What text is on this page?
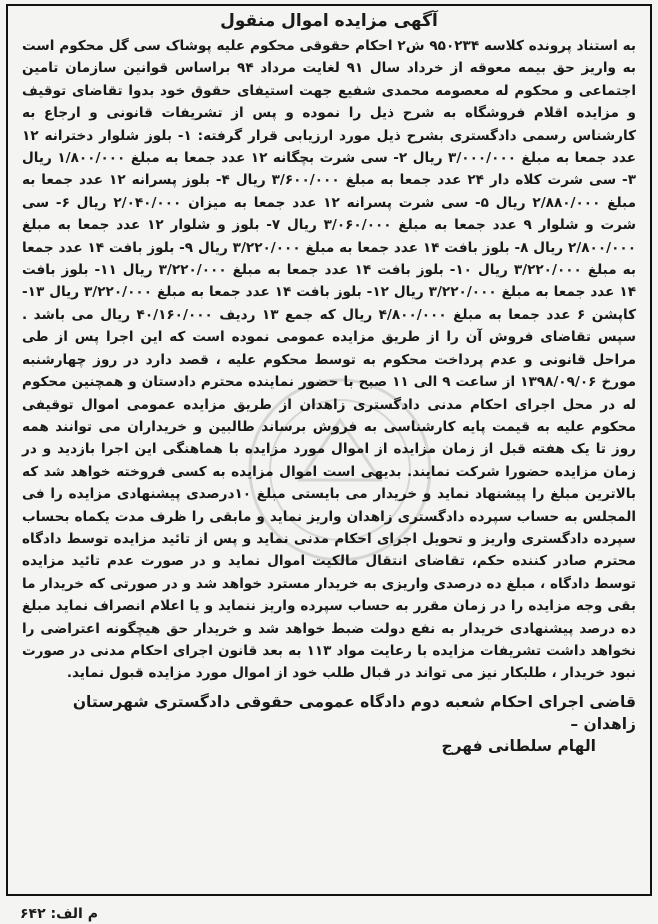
آگهی مزایده اموال منقول

به استناد پرونده کلاسه ۹۵۰۲۳۴ ش۲ احکام حقوقی محکوم علیه پوشاک سی گل محکوم است به واریز حق بیمه معوقه از خرداد سال ۹۱ لغایت مرداد ۹۴ براساس قوانین سازمان تامین اجتماعی و محکوم له معصومه محمدی شفیع جهت استیفای حقوق خود بدوا تقاضای توقیف و مزایده اقلام فروشگاه به شرح ذیل را نموده و پس از تشریفات قانونی و ارجاع به کارشناس رسمی دادگستری بشرح ذیل مورد ارزیابی قرار گرفته: ۱- بلوز شلوار دخترانه ۱۲ عدد جمعا به مبلغ ۳/۰۰۰/۰۰۰ ریال ۲- سی شرت بچگانه ۱۲ عدد جمعا به مبلغ ۱/۸۰۰/۰۰۰ ریال ۳- سی شرت کلاه دار ۲۴ عدد جمعا به مبلغ ۳/۶۰۰/۰۰۰ ریال ۴- بلوز پسرانه ۱۲ عدد جمعا به مبلغ ۲/۸۸۰/۰۰۰ ریال ۵- سی شرت پسرانه ۱۲ عدد جمعا به میزان ۲/۰۴۰/۰۰۰ ریال ۶- سی شرت و شلوار ۹ عدد جمعا به مبلغ ۳/۰۶۰/۰۰۰ ریال ۷- بلوز و شلوار ۱۲ عدد جمعا به مبلغ ۲/۸۰۰/۰۰۰ ریال ۸- بلوز بافت ۱۴ عدد جمعا به مبلغ ۳/۲۲۰/۰۰۰ ریال ۹- بلوز بافت ۱۴ عدد جمعا به مبلغ ۳/۲۲۰/۰۰۰ ریال ۱۰- بلوز بافت ۱۴ عدد جمعا به مبلغ ۳/۲۲۰/۰۰۰ ریال ۱۱- بلوز بافت ۱۴ عدد جمعا به مبلغ ۳/۲۲۰/۰۰۰ ریال ۱۲- بلوز بافت ۱۴ عدد جمعا به مبلغ ۳/۲۲۰/۰۰۰ ریال ۱۳- کاپشن ۶ عدد جمعا به مبلغ ۴/۸۰۰/۰۰۰ ریال که جمع ۱۳ ردیف ۴۰/۱۶۰/۰۰۰ ریال می باشد . سپس تقاضای فروش آن را از طریق مزایده عمومی نموده است که این اجرا پس از طی مراحل قانونی و عدم پرداخت محکوم به توسط محکوم علیه ، قصد دارد در روز چهارشنبه مورخ ۱۳۹۸/۰۹/۰۶ از ساعت ۹ الی ۱۱ صبح با حضور نماینده محترم دادستان و همچنین محکوم له در محل اجرای احکام مدنی دادگستری زاهدان از طریق مزایده عمومی اموال توقیفی محکوم علیه به قیمت پایه کارشناسی به فروش برساند طالبین و خریداران می توانند همه روز تا یک هفته قبل از زمان مزایده از اموال مورد مزایده با هماهنگی این اجرا بازدید و در زمان مزایده حضورا شرکت نمایند. بدیهی است اموال مزایده به کسی فروخته خواهد شد که بالاترین مبلغ را پیشنهاد نماید و خریدار می بایستی مبلغ ۱۰درصدی پیشنهادی مزایده را فی المجلس به حساب سپرده دادگستری زاهدان واریز نماید و مابقی را ظرف مدت یکماه بحساب سپرده دادگستری واریز و تحویل اجرای احکام مدنی نماید و پس از تائید مزایده توسط دادگاه محترم صادر کننده حکم، تقاضای انتقال مالکیت اموال نماید و در صورت عدم تائید مزایده توسط دادگاه ، مبلغ ده درصدی واریزی به خریدار مسترد خواهد شد و در صورتی که خریدار ما بقی وجه مزایده را در زمان مقرر به حساب سپرده واریز ننماید و یا اعلام انصراف نماید مبلغ ده درصد پیشنهادی خریدار به نفع دولت ضبط خواهد شد و خریدار حق هیچگونه اعتراضی را نخواهد داشت تشریفات مزایده با رعایت مواد ۱۱۳ به بعد قانون اجرای احکام مدنی در صورت نبود خریدار ، طلبکار نیز می تواند در قبال طلب خود از اموال مورد مزایده قبول نماید.

قاضی اجرای احکام شعبه دوم دادگاه عمومی حقوقی دادگستری شهرستان زاهدان –
الهام سلطانی فهرج
م الف: ۶۴۲
